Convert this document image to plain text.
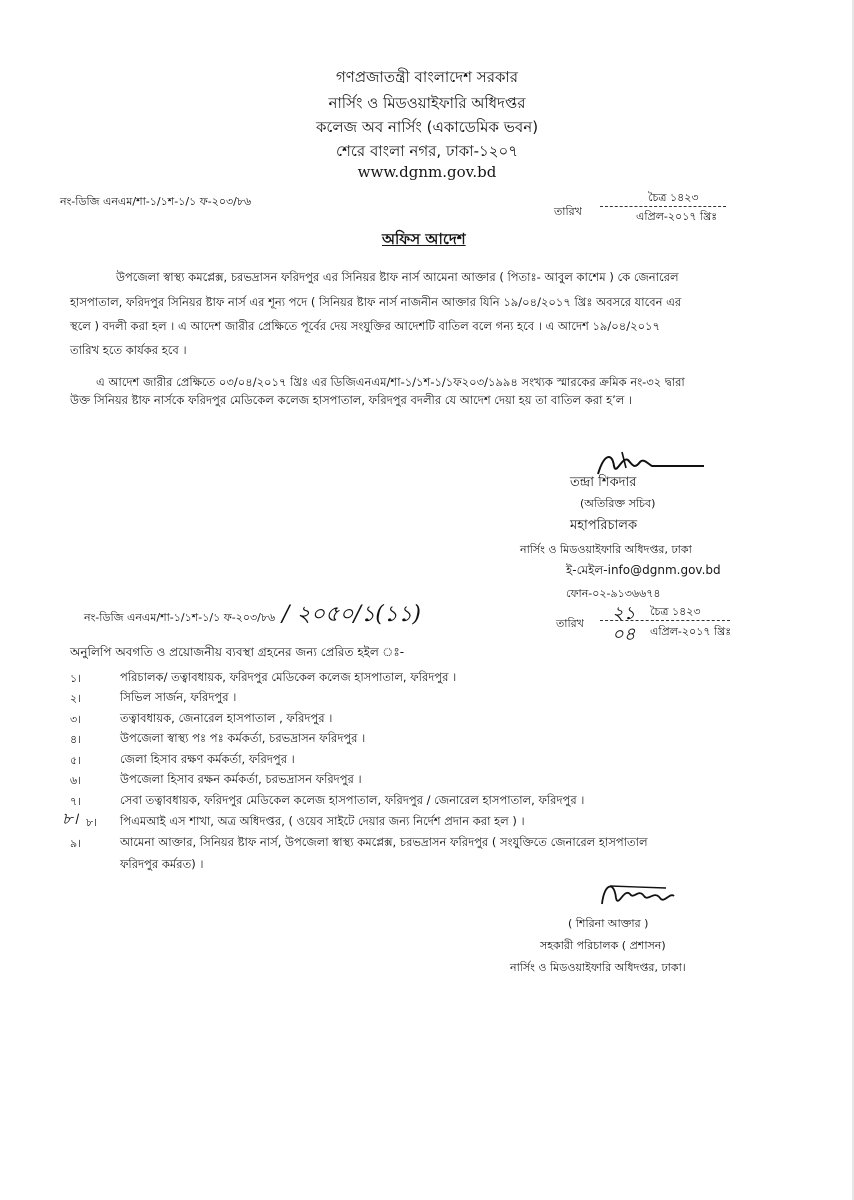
গণপ্রজাতন্ত্রী বাংলাদেশ সরকার
নার্সিং ও মিডওয়াইফারি অধিদপ্তর
কলেজ অব নার্সিং (একাডেমিক ভবন)
শেরে বাংলা নগর, ঢাকা-১২০৭
www.dgnm.gov.bd
নং-ডিজি এনএম/শা-১/১শ-১/১ ফ-২০৩/৮৬
তারিখ
চৈত্র ১৪২৩
এপ্রিল-২০১৭ খ্রিঃ
অফিস আদেশ
উপজেলা স্বাস্থ্য কমপ্লেক্স, চরভদ্রাসন ফরিদপুর এর সিনিয়র ষ্টাফ নার্স আমেনা আক্তার ( পিতাঃ- আবুল কাশেম ) কে জেনারেল
হাসপাতাল, ফরিদপুর সিনিয়র ষ্টাফ নার্স এর শূন্য পদে ( সিনিয়র ষ্টাফ নার্স নাজনীন আক্তার যিনি ১৯/০৪/২০১৭ খ্রিঃ অবসরে যাবেন এর
স্থলে ) বদলী করা হল । এ আদেশ জারীর প্রেক্ষিতে পূর্বের দেয় সংযুক্তির আদেশটি বাতিল বলে গন্য হবে । এ আদেশ ১৯/০৪/২০১৭
তারিখ হতে কার্যকর হবে ।
এ আদেশ জারীর প্রেক্ষিতে ০৩/০৪/২০১৭ খ্রিঃ এর ডিজিএনএম/শা-১/১শ-১/১ফ২০৩/১৯৯৪ সংখ্যক স্মারকের ক্রমিক নং-৩২ দ্বারা
উক্ত সিনিয়র ষ্টাফ নার্সকে ফরিদপুর মেডিকেল কলেজ হাসপাতাল, ফরিদপুর বদলীর যে আদেশ দেয়া হয় তা বাতিল করা হ’ল ।
তন্দ্রা শিকদার
(অতিরিক্ত সচিব)
মহাপরিচালক
নার্সিং ও মিডওয়াইফারি অধিদপ্তর, ঢাকা
ই-মেইল-info@dgnm.gov.bd
ফোন-০২-৯১৩৬৬৭৪
নং-ডিজি এনএম/শা-১/১শ-১/১ ফ-২০৩/৮৬ / ২০৫০/১(১১)	তারিখ ২১
০৪
চৈত্র ১৪২৩
এপ্রিল-২০১৭ খ্রিঃ
অনুলিপি অবগতি ও প্রয়োজনীয় ব্যবস্থা গ্রহনের জন্য প্রেরিত হইল ঃ-
১।	পরিচালক/ তত্বাবধায়ক, ফরিদপুর মেডিকেল কলেজ হাসপাতাল, ফরিদপুর ।
২।	সিভিল সার্জন, ফরিদপুর ।
৩।	তত্বাবধায়ক, জেনারেল হাসপাতাল , ফরিদপুর ।
৪।	উপজেলা স্বাস্থ্য পঃ পঃ কর্মকর্তা, চরভদ্রাসন ফরিদপুর ।
৫।	জেলা হিসাব রক্ষণ কর্মকর্তা, ফরিদপুর ।
৬।	উপজেলা হিসাব রক্ষন কর্মকর্তা, চরভদ্রাসন ফরিদপুর ।
৭।	সেবা তত্বাবধায়ক, ফরিদপুর মেডিকেল কলেজ হাসপাতাল, ফরিদপুর / জেনারেল হাসপাতাল, ফরিদপুর ।
৮। ৮। পিএমআই এস শাখা, অত্র অধিদপ্তর, ( ওয়েব সাইটে দেয়ার জন্য নির্দেশ প্রদান করা হল ) ।
৯।	আমেনা আক্তার, সিনিয়র ষ্টাফ নার্স, উপজেলা স্বাস্থ্য কমপ্লেক্স, চরভদ্রাসন ফরিদপুর ( সংযুক্তিতে জেনারেল হাসপাতাল
ফরিদপুর কর্মরত) ।
( শিরিনা আক্তার )
সহকারী পরিচালক ( প্রশাসন)
নার্সিং ও মিডওয়াইফারি অধিদপ্তর, ঢাকা।
